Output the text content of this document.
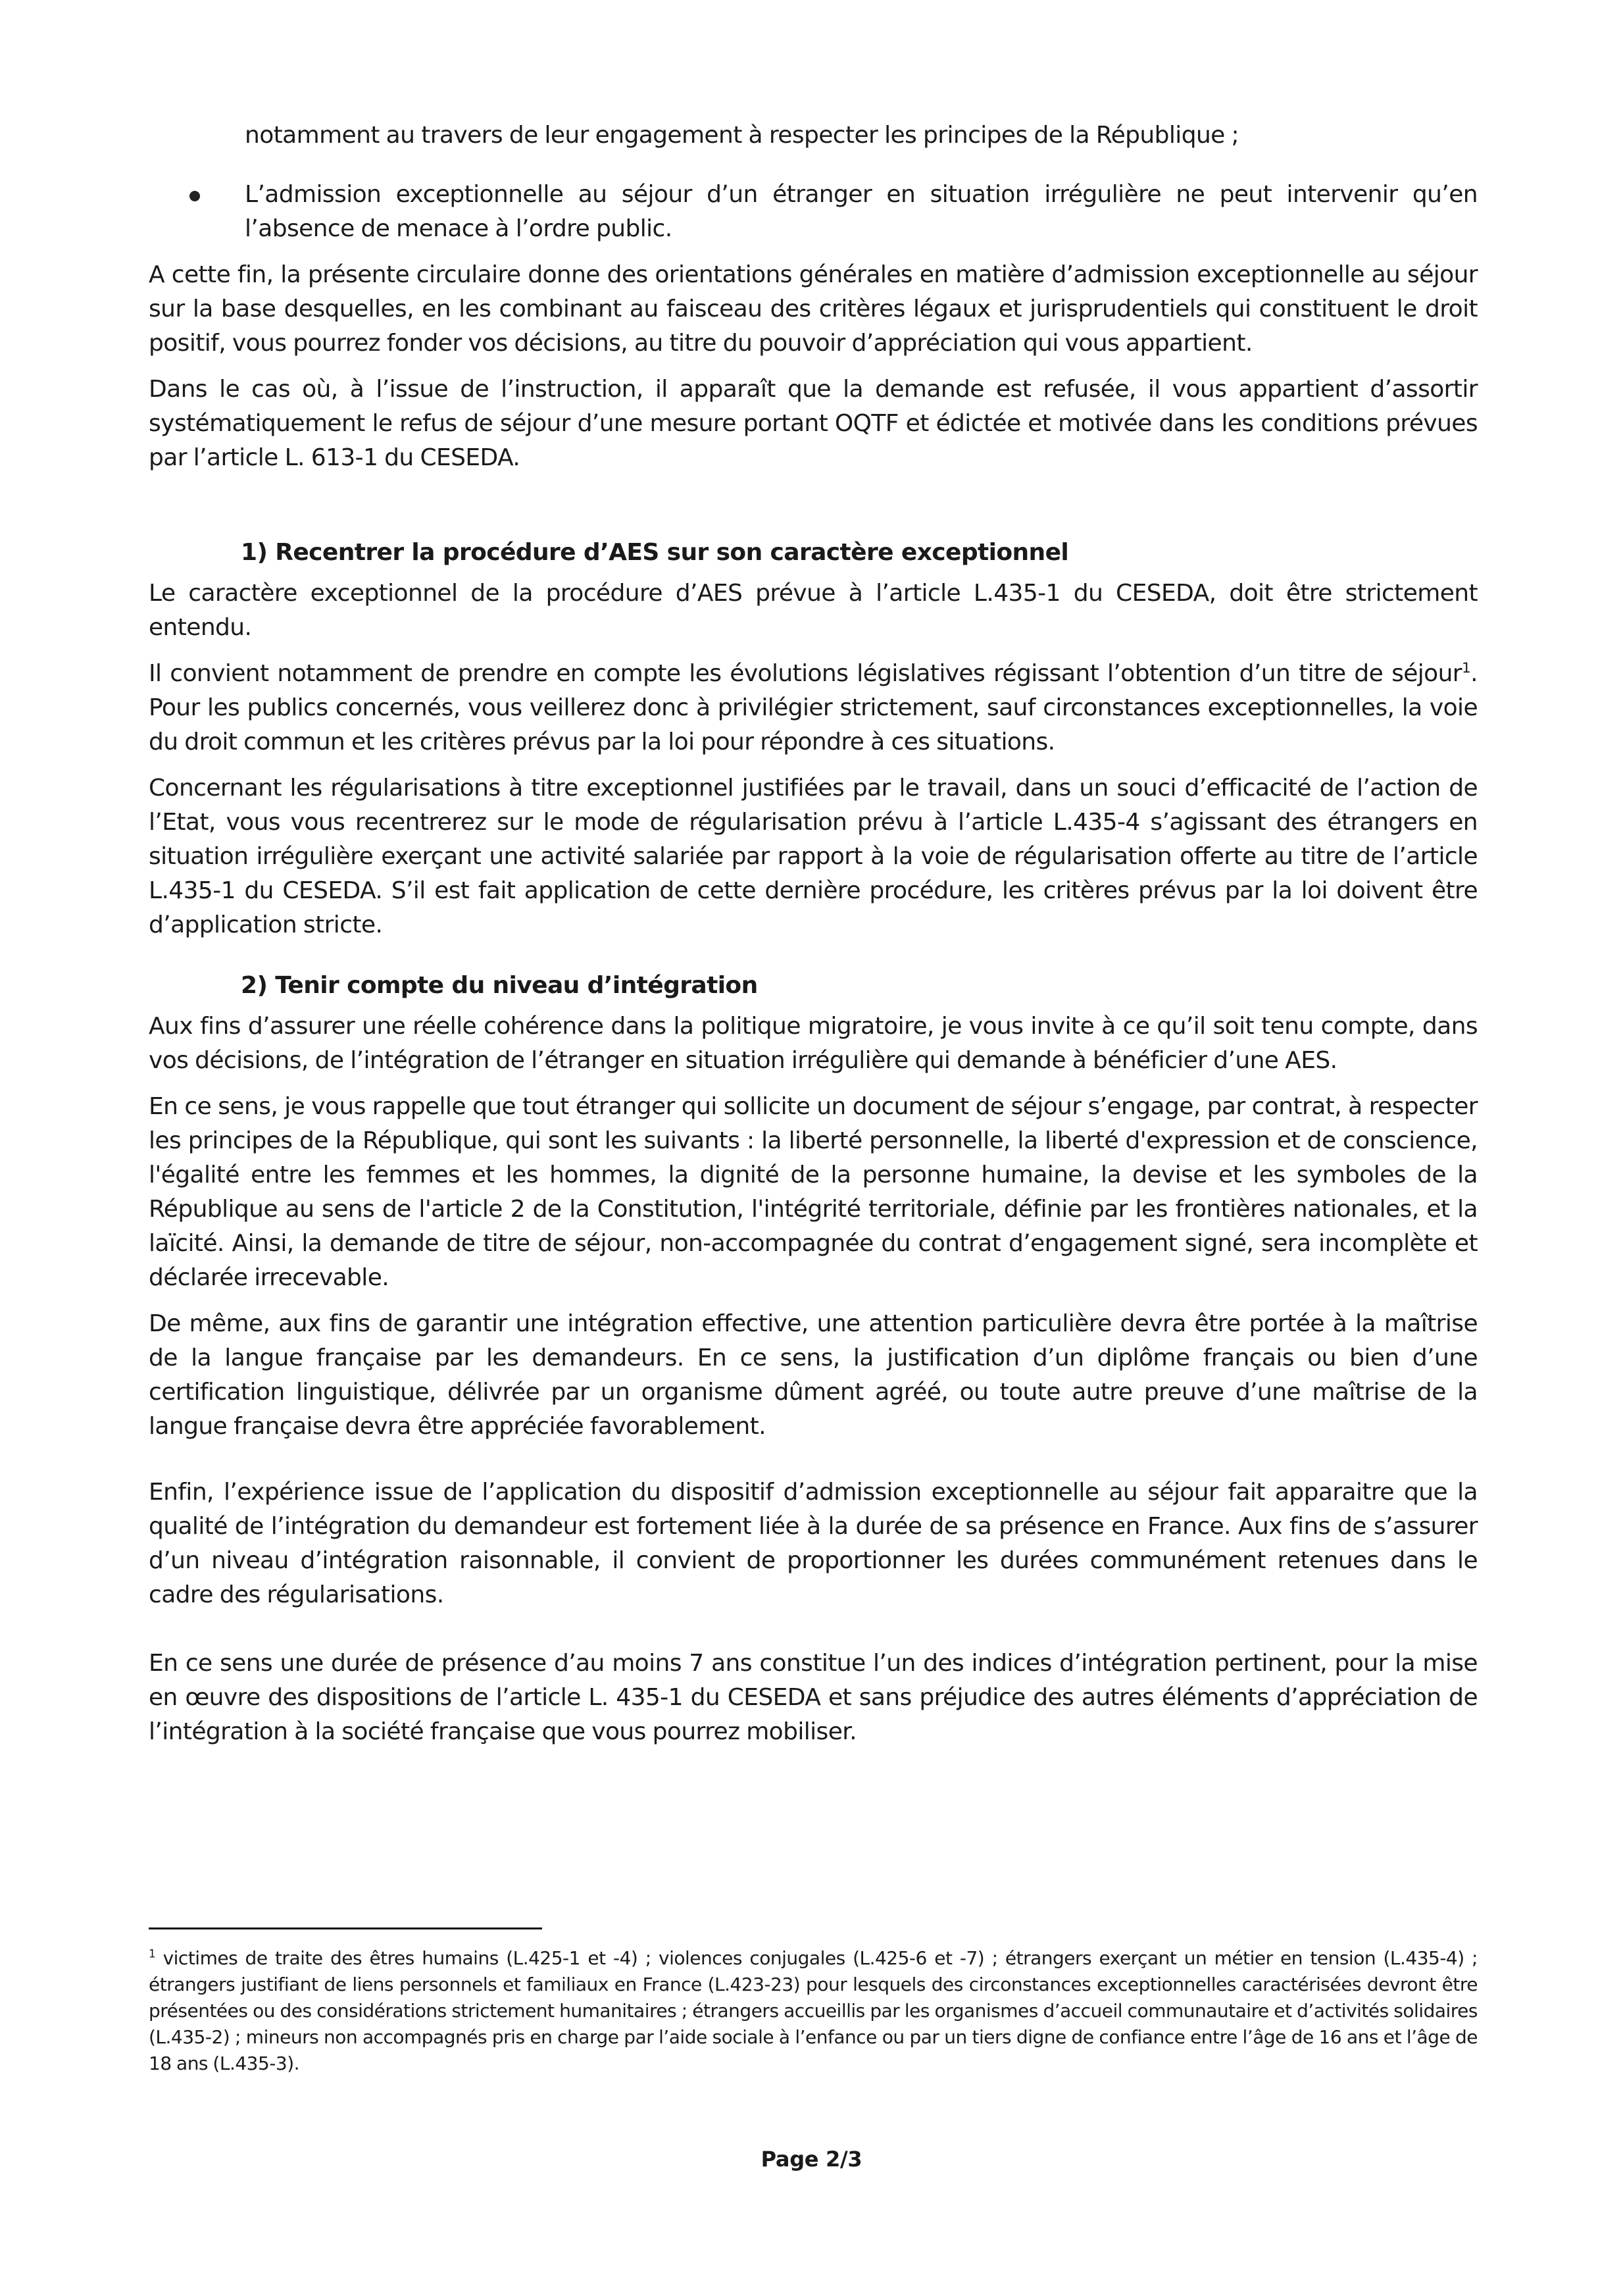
notamment au travers de leur engagement à respecter les principes de la République ;

L’admission exceptionnelle au séjour d’un étranger en situation irrégulière ne peut intervenir qu’en l’absence de menace à l’ordre public.

A cette fin, la présente circulaire donne des orientations générales en matière d’admission exceptionnelle au séjour sur la base desquelles, en les combinant au faisceau des critères légaux et jurisprudentiels qui constituent le droit positif, vous pourrez fonder vos décisions, au titre du pouvoir d’appréciation qui vous appartient.

Dans le cas où, à l’issue de l’instruction, il apparaît que la demande est refusée, il vous appartient d’assortir systématiquement le refus de séjour d’une mesure portant OQTF et édictée et motivée dans les conditions prévues par l’article L. 613-1 du CESEDA.

1) Recentrer la procédure d’AES sur son caractère exceptionnel

Le caractère exceptionnel de la procédure d’AES prévue à l’article L.435-1 du CESEDA, doit être strictement entendu.

Il convient notamment de prendre en compte les évolutions législatives régissant l’obtention d’un titre de séjour$^1$. Pour les publics concernés, vous veillerez donc à privilégier strictement, sauf circonstances exceptionnelles, la voie du droit commun et les critères prévus par la loi pour répondre à ces situations.

Concernant les régularisations à titre exceptionnel justifiées par le travail, dans un souci d’efficacité de l’action de l’Etat, vous vous recentrerez sur le mode de régularisation prévu à l’article L.435-4 s’agissant des étrangers en situation irrégulière exerçant une activité salariée par rapport à la voie de régularisation offerte au titre de l’article L.435-1 du CESEDA. S’il est fait application de cette dernière procédure, les critères prévus par la loi doivent être d’application stricte.

2) Tenir compte du niveau d’intégration

Aux fins d’assurer une réelle cohérence dans la politique migratoire, je vous invite à ce qu’il soit tenu compte, dans vos décisions, de l’intégration de l’étranger en situation irrégulière qui demande à bénéficier d’une AES.

En ce sens, je vous rappelle que tout étranger qui sollicite un document de séjour s’engage, par contrat, à respecter les principes de la République, qui sont les suivants : la liberté personnelle, la liberté d'expression et de conscience, l'égalité entre les femmes et les hommes, la dignité de la personne humaine, la devise et les symboles de la République au sens de l'article 2 de la Constitution, l'intégrité territoriale, définie par les frontières nationales, et la laïcité. Ainsi, la demande de titre de séjour, non-accompagnée du contrat d’engagement signé, sera incomplète et déclarée irrecevable.

De même, aux fins de garantir une intégration effective, une attention particulière devra être portée à la maîtrise de la langue française par les demandeurs. En ce sens, la justification d’un diplôme français ou bien d’une certification linguistique, délivrée par un organisme dûment agréé, ou toute autre preuve d’une maîtrise de la langue française devra être appréciée favorablement.

Enfin, l’expérience issue de l’application du dispositif d’admission exceptionnelle au séjour fait apparaitre que la qualité de l’intégration du demandeur est fortement liée à la durée de sa présence en France. Aux fins de s’assurer d’un niveau d’intégration raisonnable, il convient de proportionner les durées communément retenues dans le cadre des régularisations.

En ce sens une durée de présence d’au moins 7 ans constitue l’un des indices d’intégration pertinent, pour la mise en œuvre des dispositions de l’article L. 435-1 du CESEDA et sans préjudice des autres éléments d’appréciation de l’intégration à la société française que vous pourrez mobiliser.

$^1$ victimes de traite des êtres humains (L.425-1 et -4) ; violences conjugales (L.425-6 et -7) ; étrangers exerçant un métier en tension (L.435-4) ; étrangers justifiant de liens personnels et familiaux en France (L.423-23) pour lesquels des circonstances exceptionnelles caractérisées devront être présentées ou des considérations strictement humanitaires ; étrangers accueillis par les organismes d’accueil communautaire et d’activités solidaires (L.435-2) ; mineurs non accompagnés pris en charge par l’aide sociale à l’enfance ou par un tiers digne de confiance entre l’âge de 16 ans et l’âge de 18 ans (L.435-3).

Page 2/3
